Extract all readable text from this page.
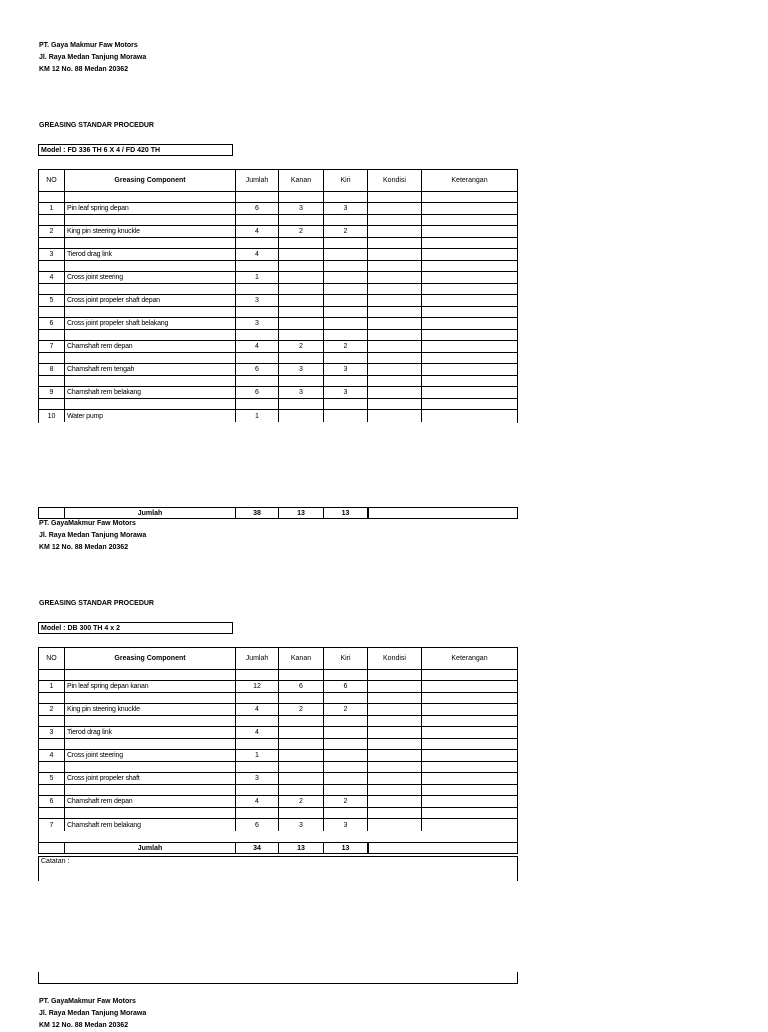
PT. Gaya Makmur Faw Motors
Jl. Raya Medan Tanjung Morawa
KM 12 No. 88 Medan 20362
GREASING STANDAR PROCEDUR
Model : FD 336 TH 6 X 4 / FD 420 TH
NO	Greasing Component	Jumlah	Kanan	Kiri	Kondisi	Keterangan
1	Pin leaf spring depan	6	3	3
2	King pin steering knuckle	4	2	2
3	Tierod drag link	4
4	Cross joint steering	1
5	Cross joint propeler shaft depan	3
6	Cross joint propeler shaft belakang	3
7	Chamshaft rem depan	4	2	2
8	Chamshaft rem tengah	6	3	3
9	Chamshaft rem belakang	6	3	3
10	Water pump	1
Jumlah	38	13	13
PT. GayaMakmur Faw Motors
Jl. Raya Medan Tanjung Morawa
KM 12 No. 88 Medan 20362
GREASING STANDAR PROCEDUR
Model : DB 300 TH 4 x 2
NO	Greasing Component	Jumlah	Kanan	Kiri	Kondisi	Keterangan
1	Pin leaf spring depan kanan	12	6	6
2	King pin steering knuckle	4	2	2
3	Tierod drag link	4
4	Cross joint steering	1
5	Cross joint propeler shaft	3
6	Chamshaft rem depan	4	2	2
7	Chamshaft rem belakang	6	3	3
Jumlah	34	13	13
Catatan :
PT. GayaMakmur Faw Motors
Jl. Raya Medan Tanjung Morawa
KM 12 No. 88 Medan 20362
